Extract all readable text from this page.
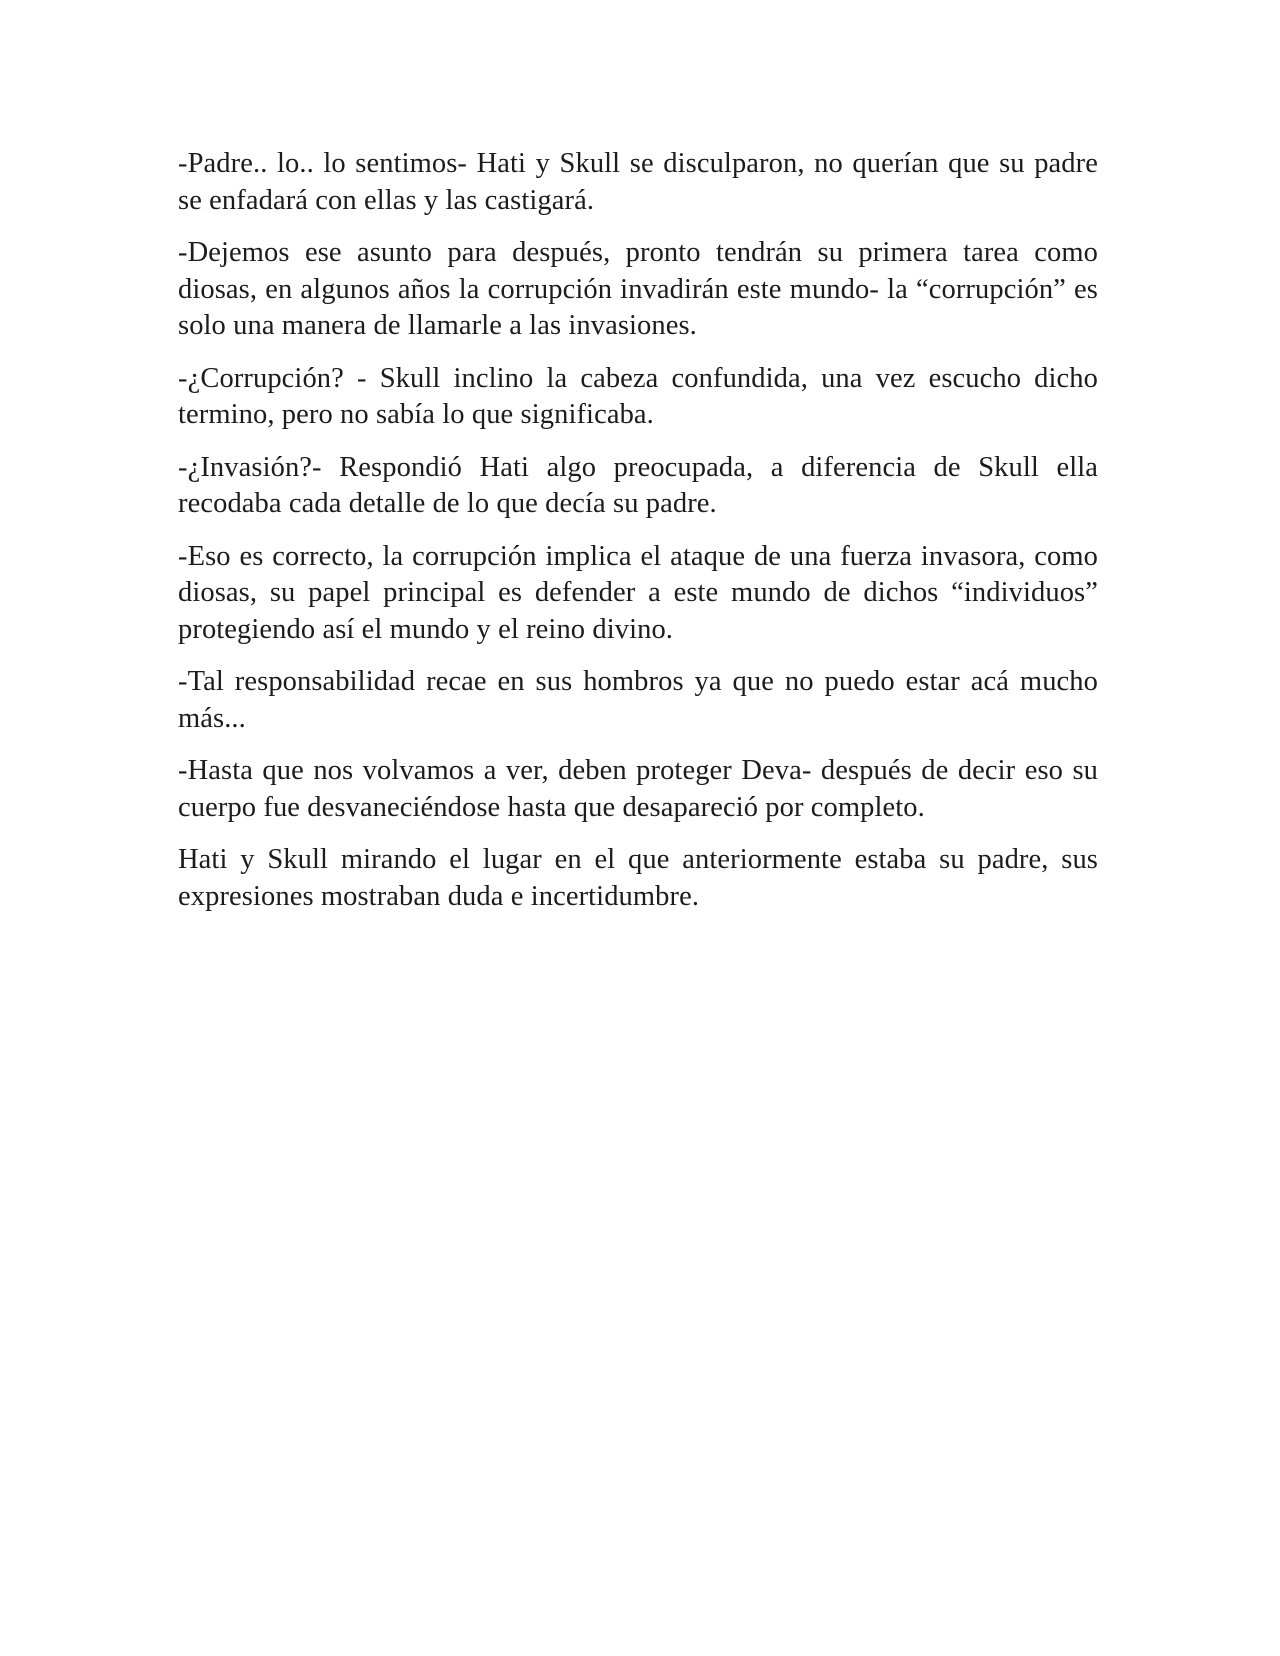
-Padre.. lo.. lo sentimos- Hati y Skull se disculparon, no querían que su padre se enfadará con ellas y las castigará.

-Dejemos ese asunto para después, pronto tendrán su primera tarea como diosas, en algunos años la corrupción invadirán este mundo- la “corrupción” es solo una manera de llamarle a las invasiones.

-¿Corrupción? - Skull inclino la cabeza confundida, una vez escucho dicho termino, pero no sabía lo que significaba.

-¿Invasión?- Respondió Hati algo preocupada, a diferencia de Skull ella recodaba cada detalle de lo que decía su padre.

-Eso es correcto, la corrupción implica el ataque de una fuerza invasora, como diosas, su papel principal es defender a este mundo de dichos “individuos” protegiendo así el mundo y el reino divino.

-Tal responsabilidad recae en sus hombros ya que no puedo estar acá mucho más...

-Hasta que nos volvamos a ver, deben proteger Deva- después de decir eso su cuerpo fue desvaneciéndose hasta que desapareció por completo.

Hati y Skull mirando el lugar en el que anteriormente estaba su padre, sus expresiones mostraban duda e incertidumbre.
